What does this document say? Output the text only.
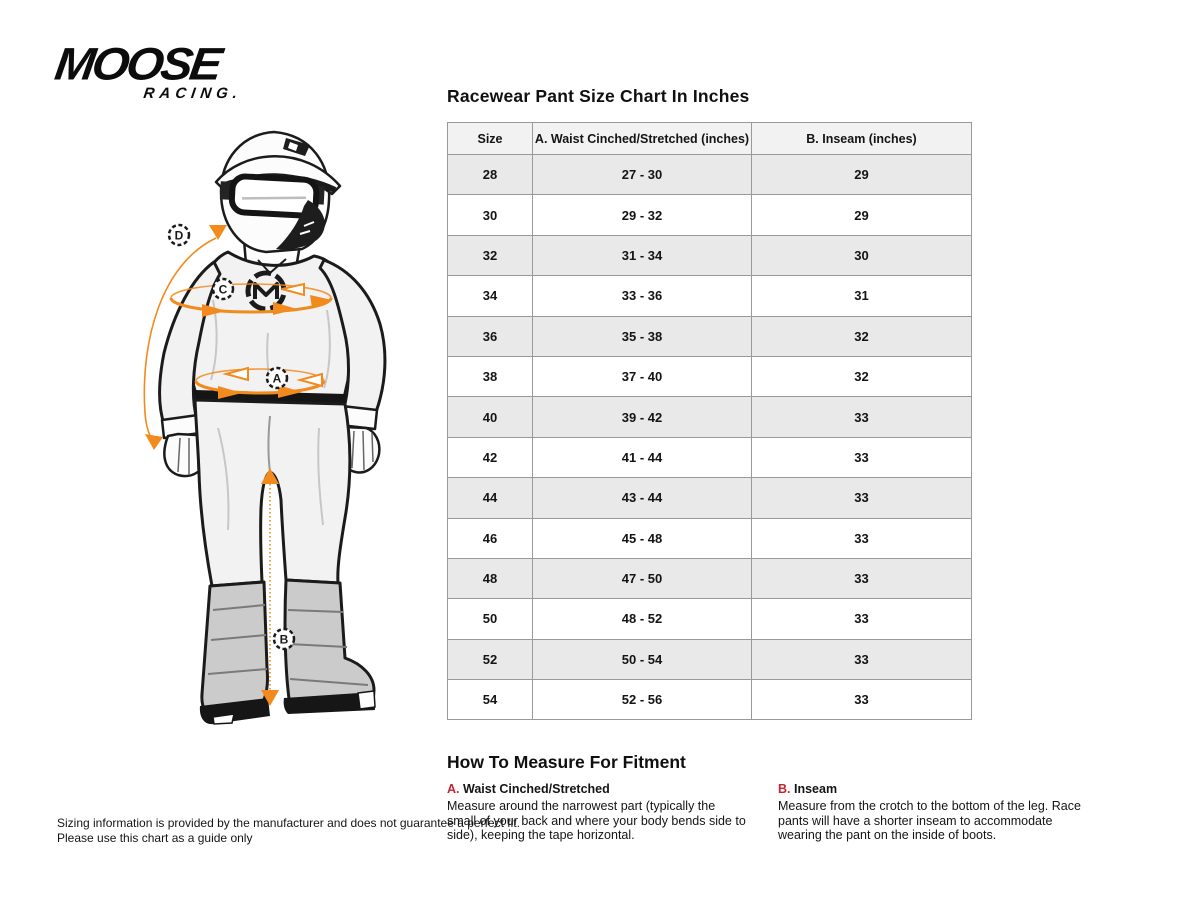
MOOSE
RACING.
C
A
B
D
Racewear Pant Size Chart In Inches
Size	A. Waist Cinched/Stretched (inches)	B. Inseam (inches)
28	27 - 30	29
30	29 - 32	29
32	31 - 34	30
34	33 - 36	31
36	35 - 38	32
38	37 - 40	32
40	39 - 42	33
42	41 - 44	33
44	43 - 44	33
46	45 - 48	33
48	47 - 50	33
50	48 - 52	33
52	50 - 54	33
54	52 - 56	33
How To Measure For Fitment
A. Waist Cinched/Stretched

Measure around the narrowest part (typically the small of your back and where your body bends side to side), keeping the tape horizontal.

B. Inseam

Measure from the crotch to the bottom of the leg. Race pants will have a shorter inseam to accommodate wearing the pant on the inside of boots.

Sizing information is provided by the manufacturer and does not guarantee a perfect fit.
Please use this chart as a guide only
